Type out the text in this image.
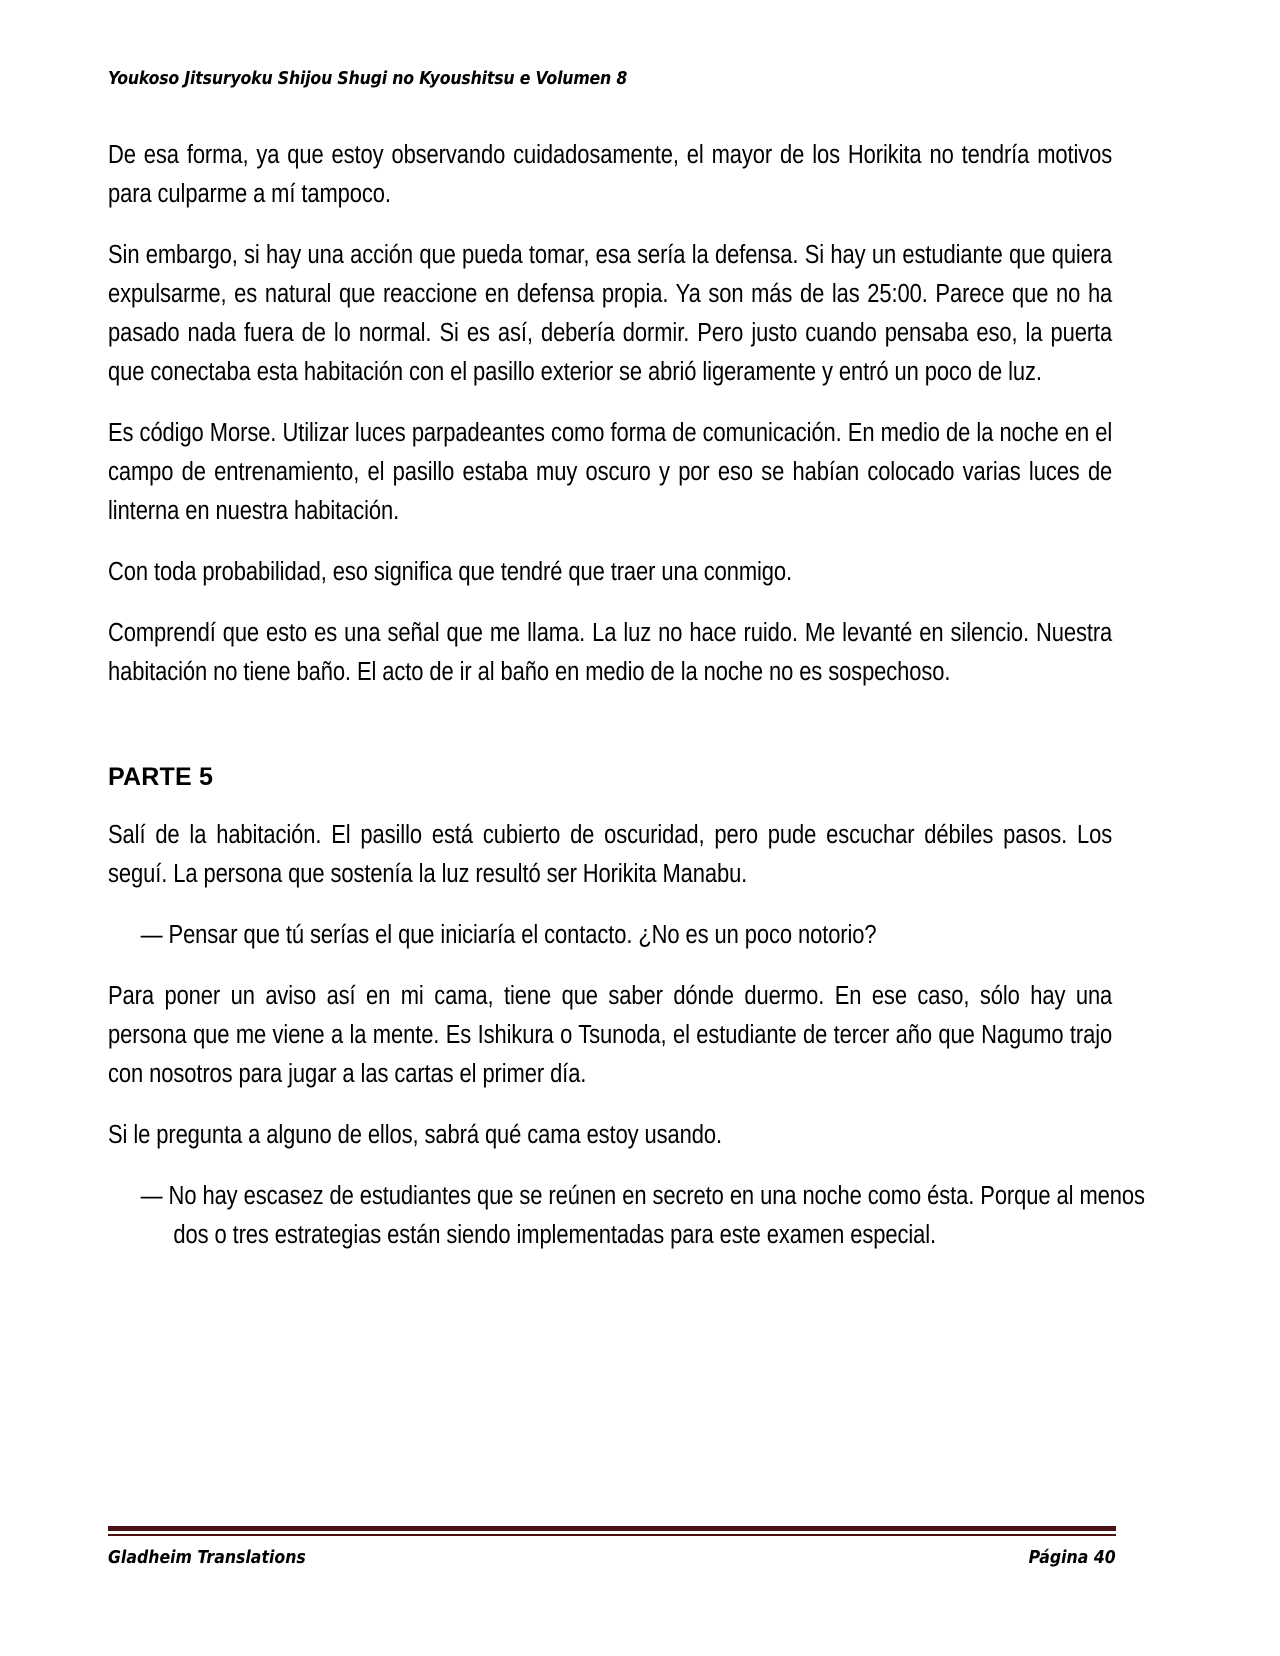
Youkoso Jitsuryoku Shijou Shugi no Kyoushitsu e Volumen 8

De esa forma, ya que estoy observando cuidadosamente, el mayor de los Horikita no tendría motivos para culparme a mí tampoco.

Sin embargo, si hay una acción que pueda tomar, esa sería la defensa. Si hay un estudiante que quiera expulsarme, es natural que reaccione en defensa propia. Ya son más de las 25:00. Parece que no ha pasado nada fuera de lo normal. Si es así, debería dormir. Pero justo cuando pensaba eso, la puerta que conectaba esta habitación con el pasillo exterior se abrió ligeramente y entró un poco de luz.

Es código Morse. Utilizar luces parpadeantes como forma de comunicación. En medio de la noche en el campo de entrenamiento, el pasillo estaba muy oscuro y por eso se habían colocado varias luces de linterna en nuestra habitación.

Con toda probabilidad, eso significa que tendré que traer una conmigo.

Comprendí que esto es una señal que me llama. La luz no hace ruido. Me levanté en silencio. Nuestra habitación no tiene baño. El acto de ir al baño en medio de la noche no es sospechoso.

PARTE 5

Salí de la habitación. El pasillo está cubierto de oscuridad, pero pude escuchar débiles pasos. Los seguí. La persona que sostenía la luz resultó ser Horikita Manabu.

— Pensar que tú serías el que iniciaría el contacto. ¿No es un poco notorio?

Para poner un aviso así en mi cama, tiene que saber dónde duermo. En ese caso, sólo hay una persona que me viene a la mente. Es Ishikura o Tsunoda, el estudiante de tercer año que Nagumo trajo con nosotros para jugar a las cartas el primer día.

Si le pregunta a alguno de ellos, sabrá qué cama estoy usando.

— No hay escasez de estudiantes que se reúnen en secreto en una noche como ésta. Porque al menos dos o tres estrategias están siendo implementadas para este examen especial.

Gladheim Translations	Página 40
